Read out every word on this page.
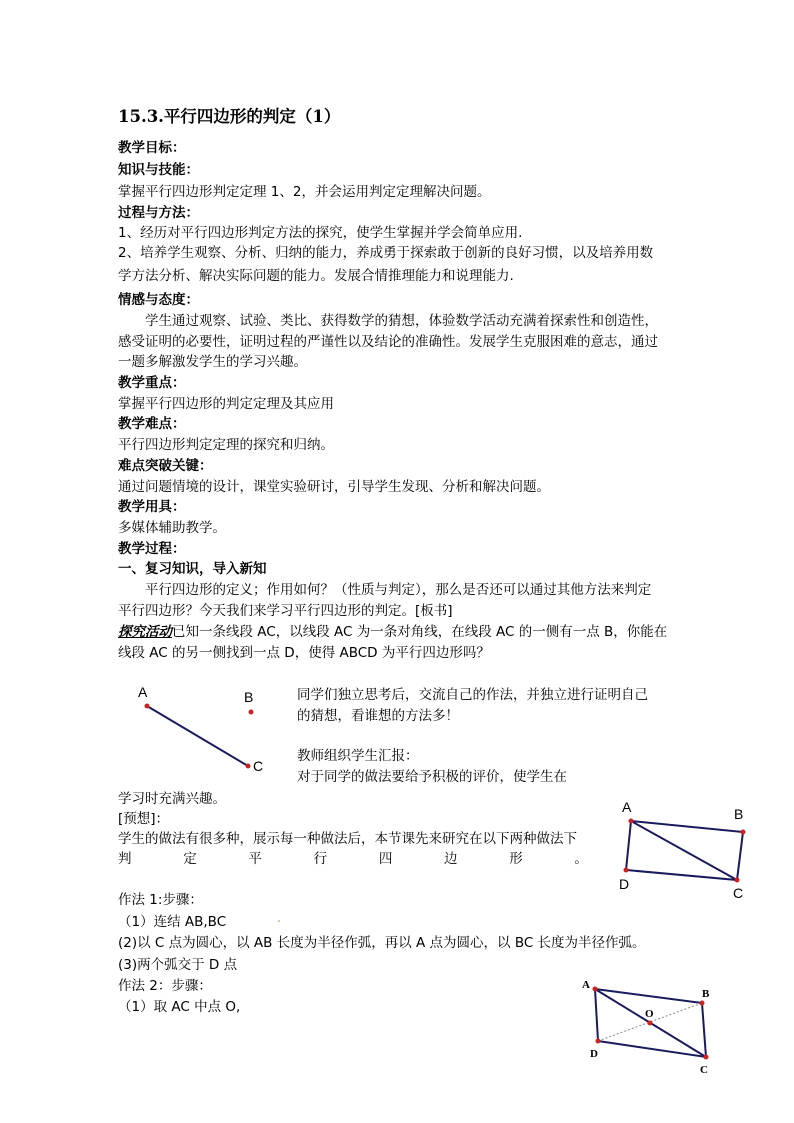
15.3.平行四边形的判定（1）
教学目标：
知识与技能：
掌握平行四边形判定定理 1、2，并会运用判定定理解决问题。
过程与方法：
1、经历对平行四边形判定方法的探究，使学生掌握并学会简单应用.
2、培养学生观察、分析、归纳的能力，养成勇于探索敢于创新的良好习惯，以及培养用数
学方法分析、解决实际问题的能力。发展合情推理能力和说理能力.
情感与态度：
学生通过观察、试验、类比、获得数学的猜想，体验数学活动充满着探索性和创造性，
感受证明的必要性，证明过程的严谨性以及结论的准确性。发展学生克服困难的意志，通过
一题多解激发学生的学习兴趣。
教学重点：
掌握平行四边形的判定定理及其应用
教学难点：
平行四边形判定定理的探究和归纳。
难点突破关键：
通过问题情境的设计，课堂实验研讨，引导学生发现、分析和解决问题。
教学用具：
多媒体辅助教学。
教学过程：
一、复习知识，导入新知
平行四边形的定义；作用如何？（性质与判定），那么是否还可以通过其他方法来判定
平行四边形？今天我们来学习平行四边形的判定。[板书]
探究活动已知一条线段 AC，以线段 AC 为一条对角线，在线段 AC 的一侧有一点 B，你能在
线段 AC 的另一侧找到一点 D，使得 ABCD 为平行四边形吗？
同学们独立思考后，交流自己的作法，并独立进行证明自己
的猜想，看谁想的方法多！
教师组织学生汇报：
对于同学的做法要给予积极的评价，使学生在
学习时充满兴趣。
[预想]：
学生的做法有很多种，展示每一种做法后，本节课先来研究在以下两种做法下
判	定	平	行	四	边	形	。
作法 1:步骤：
（1）连结 AB,BC
(2)以 C 点为圆心，以 AB 长度为半径作弧，再以 A 点为圆心，以 BC 长度为半径作弧。
(3)两个弧交于 D 点
作法 2：步骤：
（1）取 AC 中点 O,
A	B
C
A	B
C
D
A
B
C
D
O
